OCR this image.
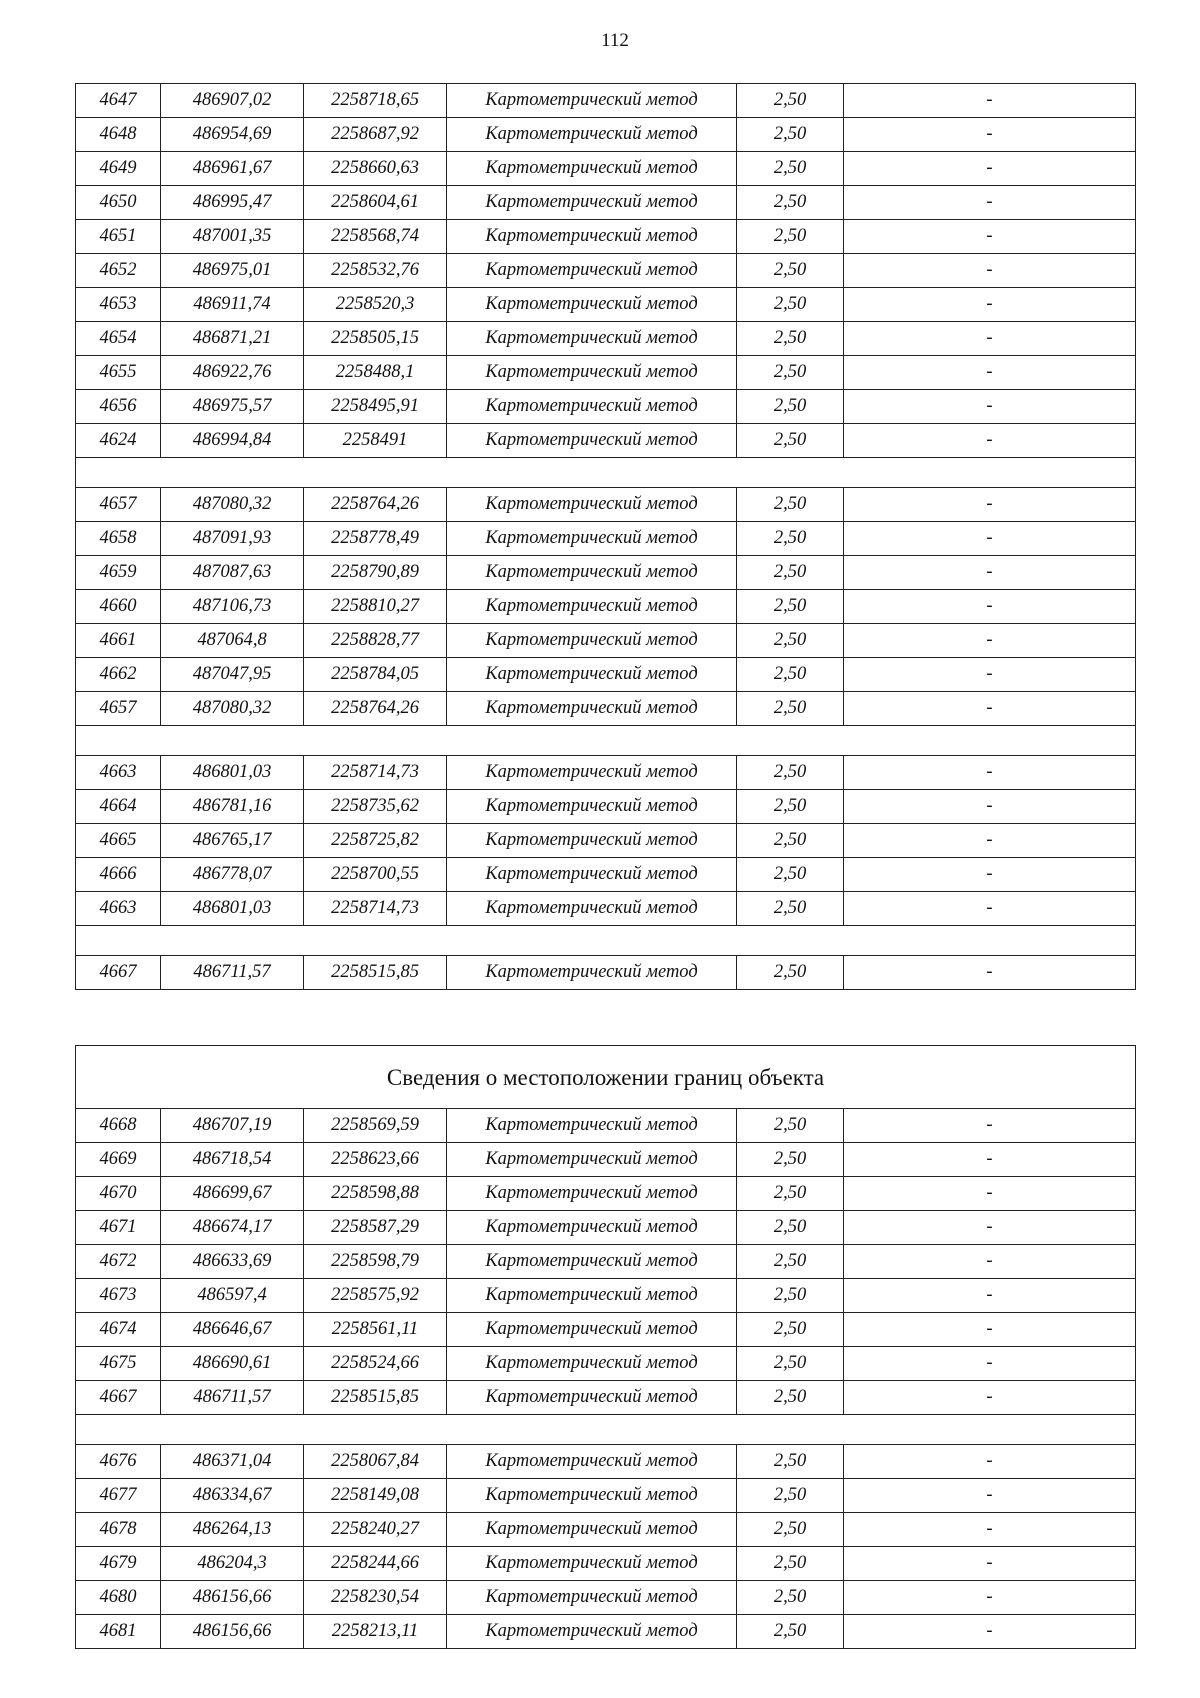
112
4647	486907,02	2258718,65	Картометрический метод	2,50	-
4648	486954,69	2258687,92	Картометрический метод	2,50	-
4649	486961,67	2258660,63	Картометрический метод	2,50	-
4650	486995,47	2258604,61	Картометрический метод	2,50	-
4651	487001,35	2258568,74	Картометрический метод	2,50	-
4652	486975,01	2258532,76	Картометрический метод	2,50	-
4653	486911,74	2258520,3	Картометрический метод	2,50	-
4654	486871,21	2258505,15	Картометрический метод	2,50	-
4655	486922,76	2258488,1	Картометрический метод	2,50	-
4656	486975,57	2258495,91	Картометрический метод	2,50	-
4624	486994,84	2258491	Картометрический метод	2,50	-

4657	487080,32	2258764,26	Картометрический метод	2,50	-
4658	487091,93	2258778,49	Картометрический метод	2,50	-
4659	487087,63	2258790,89	Картометрический метод	2,50	-
4660	487106,73	2258810,27	Картометрический метод	2,50	-
4661	487064,8	2258828,77	Картометрический метод	2,50	-
4662	487047,95	2258784,05	Картометрический метод	2,50	-
4657	487080,32	2258764,26	Картометрический метод	2,50	-

4663	486801,03	2258714,73	Картометрический метод	2,50	-
4664	486781,16	2258735,62	Картометрический метод	2,50	-
4665	486765,17	2258725,82	Картометрический метод	2,50	-
4666	486778,07	2258700,55	Картометрический метод	2,50	-
4663	486801,03	2258714,73	Картометрический метод	2,50	-

4667	486711,57	2258515,85	Картометрический метод	2,50	-
Сведения о местоположении границ объекта					
4668	486707,19	2258569,59	Картометрический метод	2,50	-
4669	486718,54	2258623,66	Картометрический метод	2,50	-
4670	486699,67	2258598,88	Картометрический метод	2,50	-
4671	486674,17	2258587,29	Картометрический метод	2,50	-
4672	486633,69	2258598,79	Картометрический метод	2,50	-
4673	486597,4	2258575,92	Картометрический метод	2,50	-
4674	486646,67	2258561,11	Картометрический метод	2,50	-
4675	486690,61	2258524,66	Картометрический метод	2,50	-
4667	486711,57	2258515,85	Картометрический метод	2,50	-

4676	486371,04	2258067,84	Картометрический метод	2,50	-
4677	486334,67	2258149,08	Картометрический метод	2,50	-
4678	486264,13	2258240,27	Картометрический метод	2,50	-
4679	486204,3	2258244,66	Картометрический метод	2,50	-
4680	486156,66	2258230,54	Картометрический метод	2,50	-
4681	486156,66	2258213,11	Картометрический метод	2,50	-
